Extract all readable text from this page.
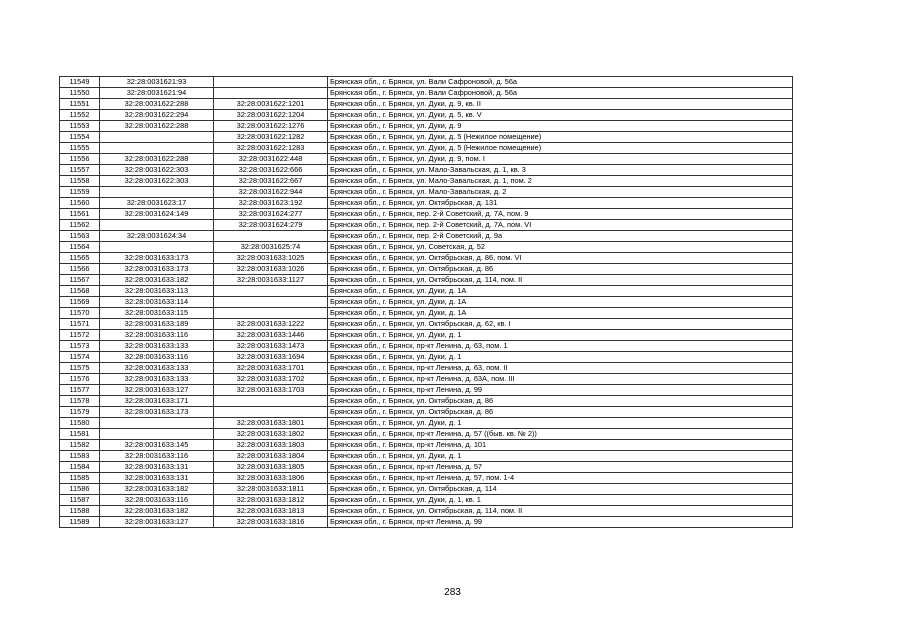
11549	32:28:0031621:93		Брянская обл., г. Брянск, ул. Вали Сафроновой, д. 56а
11550	32:28:0031621:94		Брянская обл., г. Брянск, ул. Вали Сафроновой, д. 56а
11551	32:28:0031622:288	32:28:0031622:1201	Брянская обл., г. Брянск, ул. Дуки, д. 9, кв. II
11552	32:28:0031622:294	32:28:0031622:1204	Брянская обл., г. Брянск, ул. Дуки, д. 5, кв. V
11553	32:28:0031622:288	32:28:0031622:1276	Брянская обл., г. Брянск, ул. Дуки, д. 9
11554		32:28:0031622:1282	Брянская обл., г. Брянск, ул. Дуки, д. 5 (Нежилое помещение)
11555		32:28:0031622:1283	Брянская обл., г. Брянск, ул. Дуки, д. 5 (Нежилое помещение)
11556	32:28:0031622:288	32:28:0031622:448	Брянская обл., г. Брянск, ул. Дуки, д. 9, пом. I
11557	32:28:0031622:303	32:28:0031622:666	Брянская обл., г. Брянск, ул. Мало-Завальская, д. 1, кв. 3
11558	32:28:0031622:303	32:28:0031622:667	Брянская обл., г. Брянск, ул. Мало-Завальская, д. 1, пом. 2
11559		32:28:0031622:944	Брянская обл., г. Брянск, ул. Мало-Завальская, д. 2
11560	32:28:0031623:17	32:28:0031623:192	Брянская обл., г. Брянск, ул. Октябрьская, д. 131
11561	32:28:0031624:149	32:28:0031624:277	Брянская обл., г. Брянск, пер. 2-й Советский, д. 7А, пом. 9
11562		32:28:0031624:279	Брянская обл., г. Брянск, пер. 2-й Советский, д. 7А, пом. VI
11563	32:28:0031624:34		Брянская обл., г. Брянск, пер. 2-й Советский, д. 9а
11564		32:28:0031625:74	Брянская обл., г. Брянск, ул. Советская, д. 52
11565	32:28:0031633:173	32:28:0031633:1025	Брянская обл., г. Брянск, ул. Октябрьская, д. 86, пом. VI
11566	32:28:0031633:173	32:28:0031633:1026	Брянская обл., г. Брянск, ул. Октябрьская, д. 86
11567	32:28:0031633:182	32:28:0031633:1127	Брянская обл., г. Брянск, ул. Октябрьская, д. 114, пом. II
11568	32:28:0031633:113		Брянская обл., г. Брянск, ул. Дуки, д. 1А
11569	32:28:0031633:114		Брянская обл., г. Брянск, ул. Дуки, д. 1А
11570	32:28:0031633:115		Брянская обл., г. Брянск, ул. Дуки, д. 1А
11571	32:28:0031633:189	32:28:0031633:1222	Брянская обл., г. Брянск, ул. Октябрьская, д. 62, кв. I
11572	32:28:0031633:116	32:28:0031633:1446	Брянская обл., г. Брянск, ул. Дуки, д. 1
11573	32:28:0031633:133	32:28:0031633:1473	Брянская обл., г. Брянск, пр-кт Ленина, д. 63, пом. 1
11574	32:28:0031633:116	32:28:0031633:1694	Брянская обл., г. Брянск, ул. Дуки, д. 1
11575	32:28:0031633:133	32:28:0031633:1701	Брянская обл., г. Брянск, пр-кт Ленина, д. 63, пом. II
11576	32:28:0031633:133	32:28:0031633:1702	Брянская обл., г. Брянск, пр-кт Ленина, д. 63А, пом. III
11577	32:28:0031633:127	32:28:0031633:1703	Брянская обл., г. Брянск, пр-кт Ленина, д. 99
11578	32:28:0031633:171		Брянская обл., г. Брянск, ул. Октябрьская, д. 86
11579	32:28:0031633:173		Брянская обл., г. Брянск, ул. Октябрьская, д. 86
11580		32:28:0031633:1801	Брянская обл., г. Брянск, ул. Дуки, д. 1
11581		32:28:0031633:1802	Брянская обл., г. Брянск, пр-кт Ленина, д. 57 ((быв. кв. № 2))
11582	32:28:0031633:145	32:28:0031633:1803	Брянская обл., г. Брянск, пр-кт Ленина, д. 101
11583	32:28:0031633:116	32:28:0031633:1804	Брянская обл., г. Брянск, ул. Дуки, д. 1
11584	32:28:0031633:131	32:28:0031633:1805	Брянская обл., г. Брянск, пр-кт Ленина, д. 57
11585	32:28:0031633:131	32:28:0031633:1806	Брянская обл., г. Брянск, пр-кт Ленина, д. 57, пом. 1-4
11586	32:28:0031633:182	32:28:0031633:1811	Брянская обл., г. Брянск, ул. Октябрьская, д. 114
11587	32:28:0031633:116	32:28:0031633:1812	Брянская обл., г. Брянск, ул. Дуки, д. 1, кв. 1
11588	32:28:0031633:182	32:28:0031633:1813	Брянская обл., г. Брянск, ул. Октябрьская, д. 114, пом. II
11589	32:28:0031633:127	32:28:0031633:1816	Брянская обл., г. Брянск, пр-кт Ленина, д. 99
283
